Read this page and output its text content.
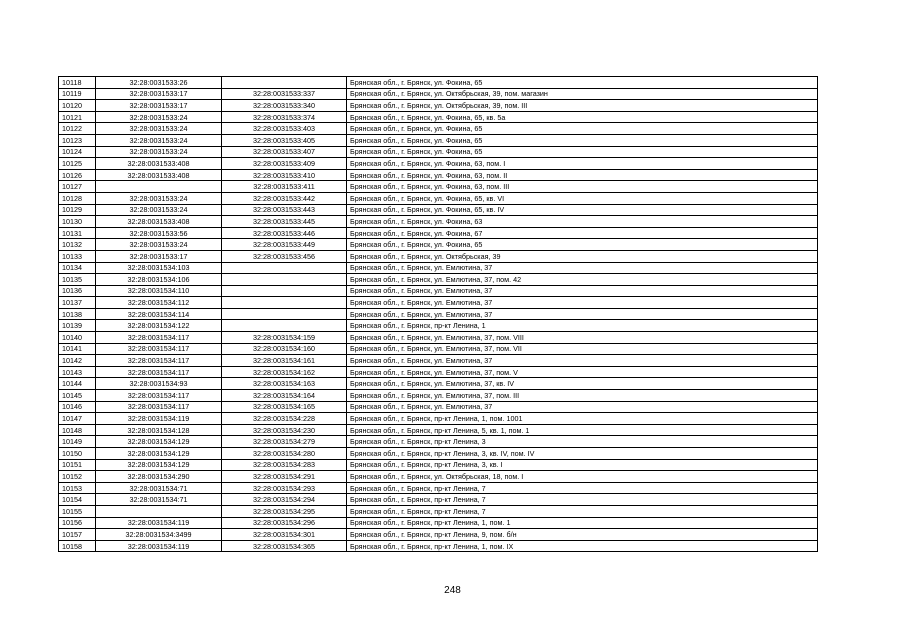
10118	32:28:0031533:26		Брянская обл., г. Брянск, ул. Фокина, 65
10119	32:28:0031533:17	32:28:0031533:337	Брянская обл., г. Брянск, ул. Октябрьская, 39, пом. магазин
10120	32:28:0031533:17	32:28:0031533:340	Брянская обл., г. Брянск, ул. Октябрьская, 39, пом. III
10121	32:28:0031533:24	32:28:0031533:374	Брянская обл., г. Брянск, ул. Фокина, 65, кв. 5а
10122	32:28:0031533:24	32:28:0031533:403	Брянская обл., г. Брянск, ул. Фокина, 65
10123	32:28:0031533:24	32:28:0031533:405	Брянская обл., г. Брянск, ул. Фокина, 65
10124	32:28:0031533:24	32:28:0031533:407	Брянская обл., г. Брянск, ул. Фокина, 65
10125	32:28:0031533:408	32:28:0031533:409	Брянская обл., г. Брянск, ул. Фокина, 63, пом. I
10126	32:28:0031533:408	32:28:0031533:410	Брянская обл., г. Брянск, ул. Фокина, 63, пом. II
10127		32:28:0031533:411	Брянская обл., г. Брянск, ул. Фокина, 63, пом. III
10128	32:28:0031533:24	32:28:0031533:442	Брянская обл., г. Брянск, ул. Фокина, 65, кв. VI
10129	32:28:0031533:24	32:28:0031533:443	Брянская обл., г. Брянск, ул. Фокина, 65, кв. IV
10130	32:28:0031533:408	32:28:0031533:445	Брянская обл., г. Брянск, ул. Фокина, 63
10131	32:28:0031533:56	32:28:0031533:446	Брянская обл., г. Брянск, ул. Фокина, 67
10132	32:28:0031533:24	32:28:0031533:449	Брянская обл., г. Брянск, ул. Фокина, 65
10133	32:28:0031533:17	32:28:0031533:456	Брянская обл., г. Брянск, ул. Октябрьская, 39
10134	32:28:0031534:103		Брянская обл., г. Брянск, ул. Емлютина, 37
10135	32:28:0031534:106		Брянская обл., г. Брянск, ул. Емлютина, 37, пом. 42
10136	32:28:0031534:110		Брянская обл., г. Брянск, ул. Емлютина, 37
10137	32:28:0031534:112		Брянская обл., г. Брянск, ул. Емлютина, 37
10138	32:28:0031534:114		Брянская обл., г. Брянск, ул. Емлютина, 37
10139	32:28:0031534:122		Брянская обл., г. Брянск, пр-кт Ленина, 1
10140	32:28:0031534:117	32:28:0031534:159	Брянская обл., г. Брянск, ул. Емлютина, 37, пом. VIII
10141	32:28:0031534:117	32:28:0031534:160	Брянская обл., г. Брянск, ул. Емлютина, 37, пом. VII
10142	32:28:0031534:117	32:28:0031534:161	Брянская обл., г. Брянск, ул. Емлютина, 37
10143	32:28:0031534:117	32:28:0031534:162	Брянская обл., г. Брянск, ул. Емлютина, 37, пом. V
10144	32:28:0031534:93	32:28:0031534:163	Брянская обл., г. Брянск, ул. Емлютина, 37, кв. IV
10145	32:28:0031534:117	32:28:0031534:164	Брянская обл., г. Брянск, ул. Емлютина, 37, пом. III
10146	32:28:0031534:117	32:28:0031534:165	Брянская обл., г. Брянск, ул. Емлютина, 37
10147	32:28:0031534:119	32:28:0031534:228	Брянская обл., г. Брянск, пр-кт Ленина, 1, пом. 1001
10148	32:28:0031534:128	32:28:0031534:230	Брянская обл., г. Брянск, пр-кт Ленина, 5, кв. 1, пом. 1
10149	32:28:0031534:129	32:28:0031534:279	Брянская обл., г. Брянск, пр-кт Ленина, 3
10150	32:28:0031534:129	32:28:0031534:280	Брянская обл., г. Брянск, пр-кт Ленина, 3, кв. IV, пом. IV
10151	32:28:0031534:129	32:28:0031534:283	Брянская обл., г. Брянск, пр-кт Ленина, 3, кв. I
10152	32:28:0031534:290	32:28:0031534:291	Брянская обл., г. Брянск, ул. Октябрьская, 18, пом. I
10153	32:28:0031534:71	32:28:0031534:293	Брянская обл., г. Брянск, пр-кт Ленина, 7
10154	32:28:0031534:71	32:28:0031534:294	Брянская обл., г. Брянск, пр-кт Ленина, 7
10155		32:28:0031534:295	Брянская обл., г. Брянск, пр-кт Ленина, 7
10156	32:28:0031534:119	32:28:0031534:296	Брянская обл., г. Брянск, пр-кт Ленина, 1, пом. 1
10157	32:28:0031534:3499	32:28:0031534:301	Брянская обл., г. Брянск, пр-кт Ленина, 9, пом. б/н
10158	32:28:0031534:119	32:28:0031534:365	Брянская обл., г. Брянск, пр-кт Ленина, 1, пом. IX
248
